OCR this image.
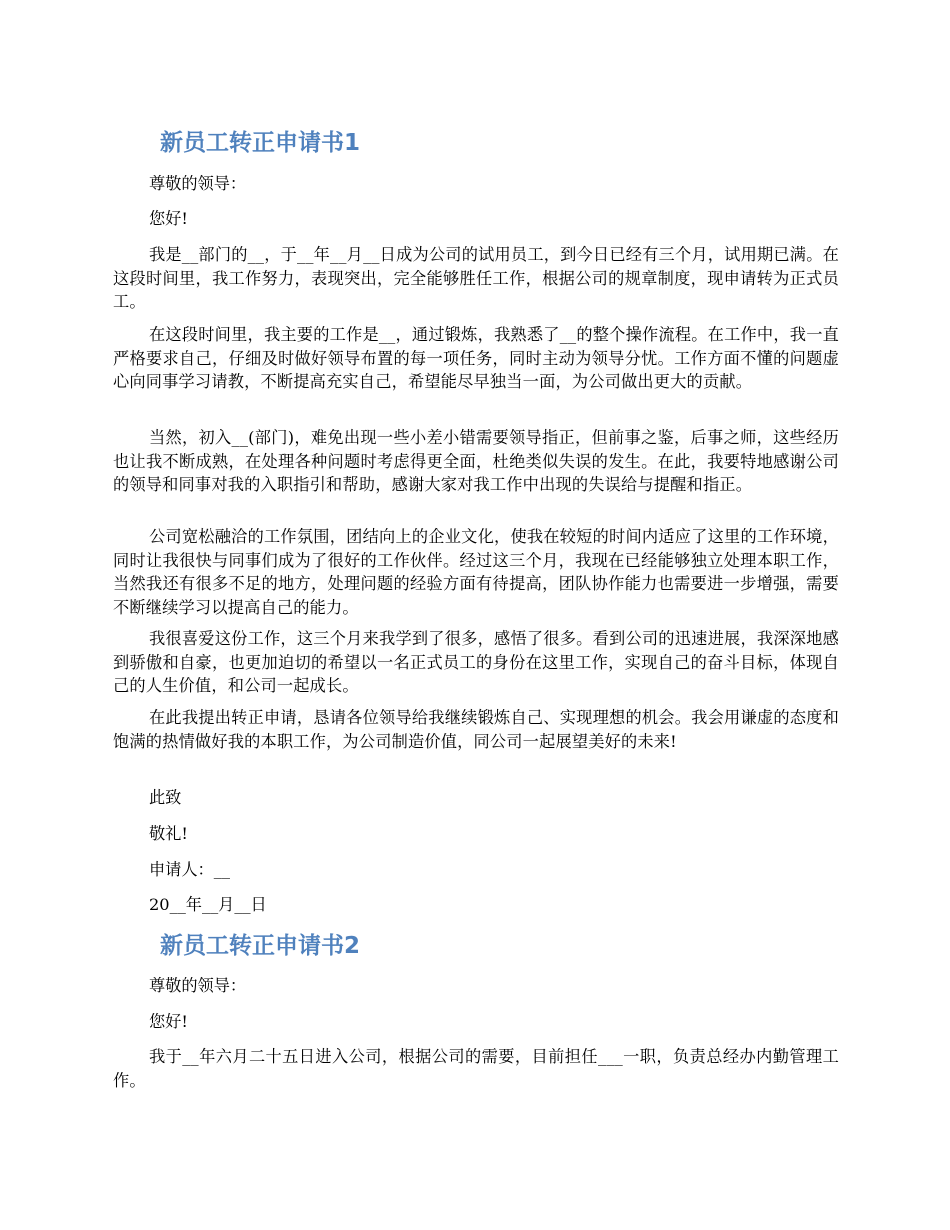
新员工转正申请书1

尊敬的领导：

您好!

我是__部门的__，于__年__月__日成为公司的试用员工，到今日已经有三个月，试用期已满。在这段时间里，我工作努力，表现突出，完全能够胜任工作，根据公司的规章制度，现申请转为正式员工。

在这段时间里，我主要的工作是__，通过锻炼，我熟悉了__的整个操作流程。在工作中，我一直严格要求自己，仔细及时做好领导布置的每一项任务，同时主动为领导分忧。工作方面不懂的问题虚心向同事学习请教，不断提高充实自己，希望能尽早独当一面，为公司做出更大的贡献。

当然，初入__(部门)，难免出现一些小差小错需要领导指正，但前事之鉴，后事之师，这些经历也让我不断成熟，在处理各种问题时考虑得更全面，杜绝类似失误的发生。在此，我要特地感谢公司的领导和同事对我的入职指引和帮助，感谢大家对我工作中出现的失误给与提醒和指正。

公司宽松融洽的工作氛围，团结向上的企业文化，使我在较短的时间内适应了这里的工作环境，同时让我很快与同事们成为了很好的工作伙伴。经过这三个月，我现在已经能够独立处理本职工作，当然我还有很多不足的地方，处理问题的经验方面有待提高，团队协作能力也需要进一步增强，需要不断继续学习以提高自己的能力。

我很喜爱这份工作，这三个月来我学到了很多，感悟了很多。看到公司的迅速进展，我深深地感到骄傲和自豪，也更加迫切的希望以一名正式员工的身份在这里工作，实现自己的奋斗目标，体现自己的人生价值，和公司一起成长。

在此我提出转正申请，恳请各位领导给我继续锻炼自己、实现理想的机会。我会用谦虚的态度和饱满的热情做好我的本职工作，为公司制造价值，同公司一起展望美好的未来!

此致

敬礼!

申请人：__

20__年__月__日

新员工转正申请书2

尊敬的领导：

您好!

我于__年六月二十五日进入公司，根据公司的需要，目前担任___一职，负责总经办内勤管理工作。
